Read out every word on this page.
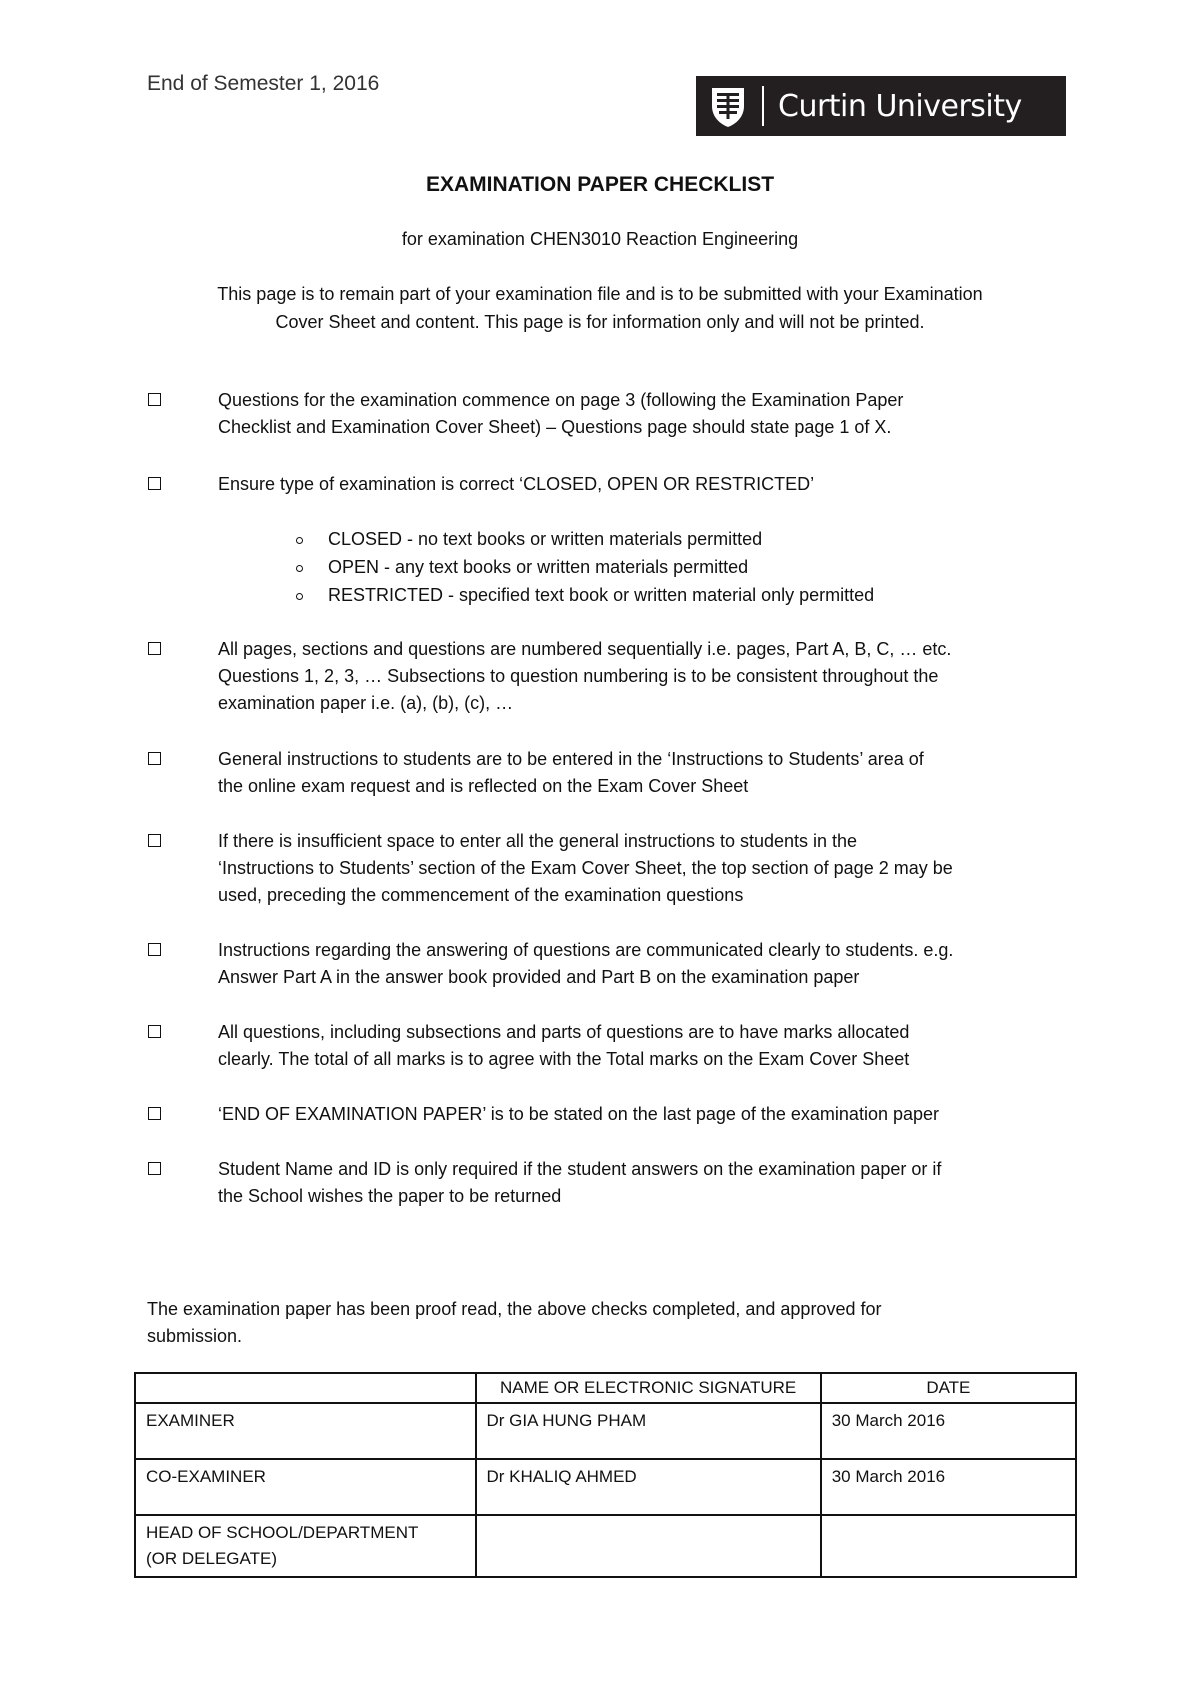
End of Semester 1, 2016
Curtin University
EXAMINATION PAPER CHECKLIST
for examination CHEN3010 Reaction Engineering
This page is to remain part of your examination file and is to be submitted with your Examination
Cover Sheet and content. This page is for information only and will not be printed.
Questions for the examination commence on page 3 (following the Examination Paper
Checklist and Examination Cover Sheet) – Questions page should state page 1 of X.
Ensure type of examination is correct ‘CLOSED, OPEN OR RESTRICTED’
CLOSED - no text books or written materials permitted
OPEN - any text books or written materials permitted
RESTRICTED - specified text book or written material only permitted
All pages, sections and questions are numbered sequentially i.e. pages, Part A, B, C, … etc.
Questions 1, 2, 3, … Subsections to question numbering is to be consistent throughout the
examination paper i.e. (a), (b), (c), …
General instructions to students are to be entered in the ‘Instructions to Students’ area of
the online exam request and is reflected on the Exam Cover Sheet
If there is insufficient space to enter all the general instructions to students in the
‘Instructions to Students’ section of the Exam Cover Sheet, the top section of page 2 may be
used, preceding the commencement of the examination questions
Instructions regarding the answering of questions are communicated clearly to students. e.g.
Answer Part A in the answer book provided and Part B on the examination paper
All questions, including subsections and parts of questions are to have marks allocated
clearly. The total of all marks is to agree with the Total marks on the Exam Cover Sheet
‘END OF EXAMINATION PAPER’ is to be stated on the last page of the examination paper
Student Name and ID is only required if the student answers on the examination paper or if
the School wishes the paper to be returned
The examination paper has been proof read, the above checks completed, and approved for
submission.
	NAME OR ELECTRONIC SIGNATURE	DATE

EXAMINER	Dr GIA HUNG PHAM	30 March 2016

CO-EXAMINER	Dr KHALIQ AHMED	30 March 2016

HEAD OF SCHOOL/DEPARTMENT
(OR DELEGATE)		
